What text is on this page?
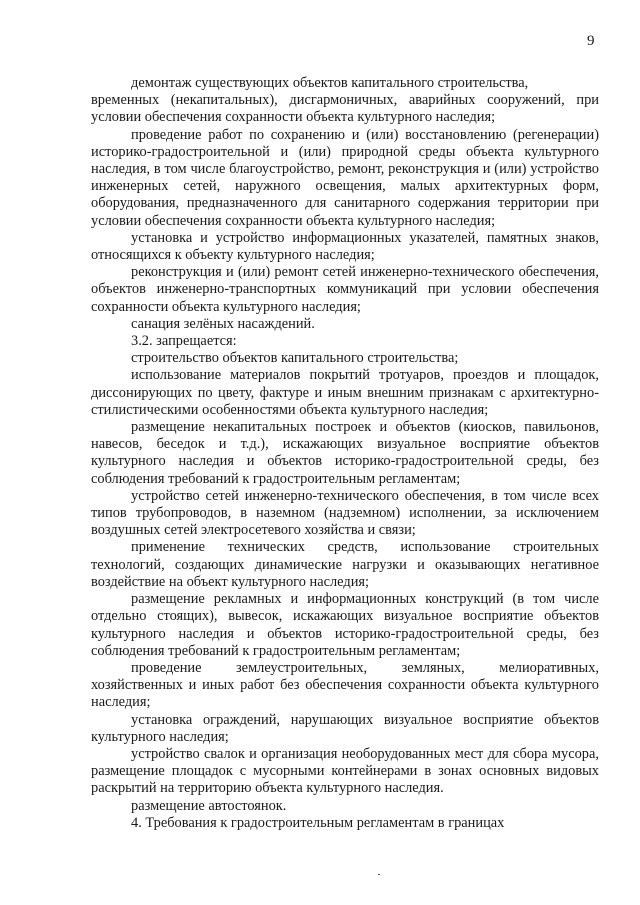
9

демонтаж существующих объектов капитального строительства,
временных (некапитальных), дисгармоничных, аварийных сооружений, при условии обеспечения сохранности объекта культурного наследия;

проведение работ по сохранению и (или) восстановлению (регенерации) историко-градостроительной и (или) природной среды объекта культурного наследия, в том числе благоустройство, ремонт, реконструкция и (или) устройство инженерных сетей, наружного освещения, малых архитектурных форм, оборудования, предназначенного для санитарного содержания территории при условии обеспечения сохранности объекта культурного наследия;

установка и устройство информационных указателей, памятных знаков, относящихся к объекту культурного наследия;

реконструкция и (или) ремонт сетей инженерно-технического обеспечения, объектов инженерно-транспортных коммуникаций при условии обеспечения сохранности объекта культурного наследия;

санация зелёных насаждений.

3.2. запрещается:

строительство объектов капитального строительства;

использование материалов покрытий тротуаров, проездов и площадок, диссонирующих по цвету, фактуре и иным внешним признакам с архитектурно-стилистическими особенностями объекта культурного наследия;

размещение некапитальных построек и объектов (киосков, павильонов, навесов, беседок и т.д.), искажающих визуальное восприятие объектов культурного наследия и объектов историко-градостроительной среды, без соблюдения требований к градостроительным регламентам;

устройство сетей инженерно-технического обеспечения, в том числе всех типов трубопроводов, в наземном (надземном) исполнении, за исключением воздушных сетей электросетевого хозяйства и связи;

применение технических средств, использование строительных технологий, создающих динамические нагрузки и оказывающих негативное воздействие на объект культурного наследия;

размещение рекламных и информационных конструкций (в том числе отдельно стоящих), вывесок, искажающих визуальное восприятие объектов культурного наследия и объектов историко-градостроительной среды, без соблюдения требований к градостроительным регламентам;

проведение землеустроительных, земляных, мелиоративных, хозяйственных и иных работ без обеспечения сохранности объекта культурного наследия;

установка ограждений, нарушающих визуальное восприятие объектов культурного наследия;

устройство свалок и организация необорудованных мест для сбора мусора, размещение площадок с мусорными контейнерами в зонах основных видовых раскрытий на территорию объекта культурного наследия.

размещение автостоянок.

4. Требования к градостроительным регламентам в границах
